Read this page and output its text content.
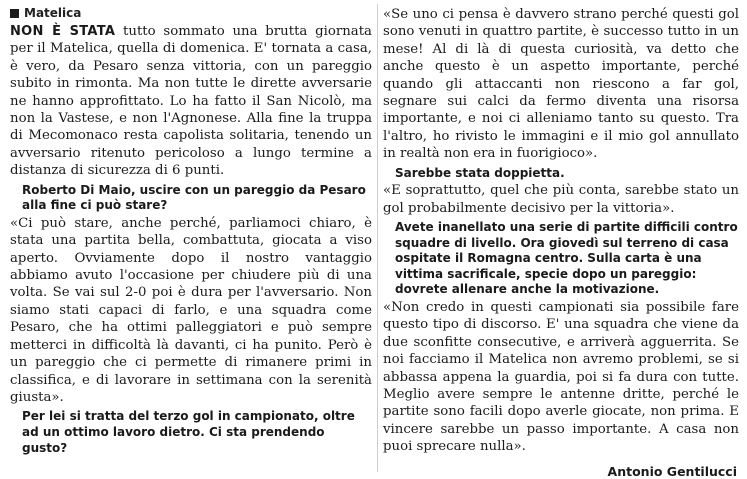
Matelica

NON È STATA tutto sommato una brutta giornata per il Matelica, quella di domenica. E' tornata a casa, è vero, da Pesaro senza vittoria, con un pareggio subito in rimonta. Ma non tutte le dirette avversarie ne hanno approfittato. Lo ha fatto il San Nicolò, ma non la Vastese, e non l'Agnonese. Alla fine la truppa di Mecomonaco resta capolista solitaria, tenendo un avversario ritenuto pericoloso a lungo termine a distanza di sicurezza di 6 punti.

Roberto Di Maio, uscire con un pareggio da Pesaro alla fine ci può stare?

«Ci può stare, anche perché, parliamoci chiaro, è stata una partita bella, combattuta, giocata a viso aperto. Ovviamente dopo il nostro vantaggio abbiamo avuto l'occasione per chiudere più di una volta. Se vai sul 2-0 poi è dura per l'avversario. Non siamo stati capaci di farlo, e una squadra come Pesaro, che ha ottimi palleggiatori e può sempre metterci in difficoltà là davanti, ci ha punito. Però è un pareggio che ci permette di rimanere primi in classifica, e di lavorare in settimana con la serenità giusta».

Per lei si tratta del terzo gol in campionato, oltre ad un ottimo lavoro dietro. Ci sta prendendo gusto?

«Se uno ci pensa è davvero strano perché questi gol sono venuti in quattro partite, è successo tutto in un mese! Al di là di questa curiosità, va detto che anche questo è un aspetto importante, perché quando gli attaccanti non riescono a far gol, segnare sui calci da fermo diventa una risorsa importante, e noi ci alleniamo tanto su questo. Tra l'altro, ho rivisto le immagini e il mio gol annullato in realtà non era in fuorigioco».

Sarebbe stata doppietta.

«E soprattutto, quel che più conta, sarebbe stato un gol probabilmente decisivo per la vittoria».

Avete inanellato una serie di partite difficili contro squadre di livello. Ora giovedì sul terreno di casa ospitate il Romagna centro. Sulla carta è una vittima sacrificale, specie dopo un pareggio: dovrete allenare anche la motivazione.

«Non credo in questi campionati sia possibile fare questo tipo di discorso. E' una squadra che viene da due sconfitte consecutive, e arriverà agguerrita. Se noi facciamo il Matelica non avremo problemi, se si abbassa appena la guardia, poi si fa dura con tutte. Meglio avere sempre le antenne dritte, perché le partite sono facili dopo averle giocate, non prima. E vincere sarebbe un passo importante. A casa non puoi sprecare nulla».

Antonio Gentilucci
